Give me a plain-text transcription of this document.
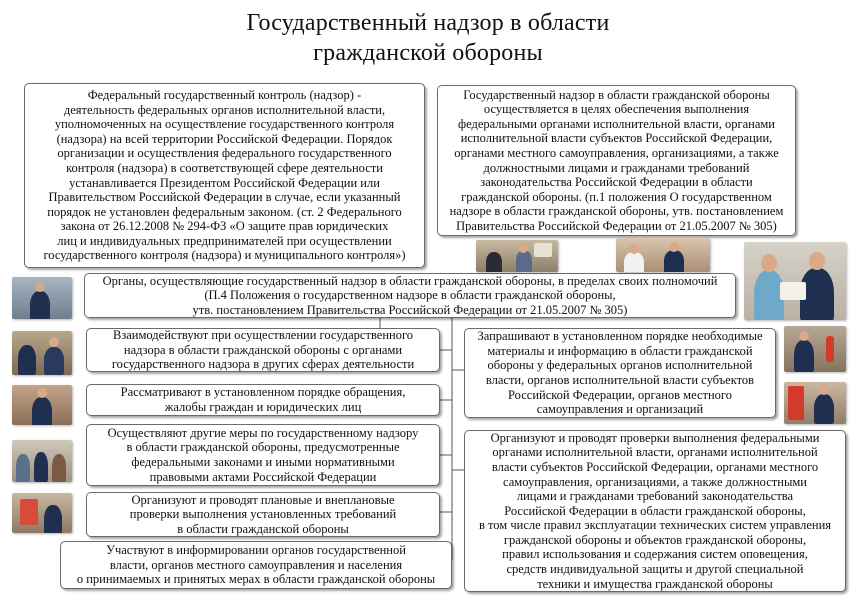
Государственный надзор в области
гражданской обороны
Федеральный государственный контроль (надзор) -
деятельность федеральных органов исполнительной власти,
уполномоченных на осуществление государственного контроля
(надзора) на всей территории Российской Федерации. Порядок
организации и осуществления федерального государственного
контроля (надзора) в соответствующей сфере деятельности
устанавливается Президентом Российской Федерации или
Правительством Российской Федерации в случае, если указанный
порядок не установлен федеральным законом. (ст. 2 Федерального
закона от 26.12.2008 № 294-ФЗ «О защите прав юридических
лиц и индивидуальных предпринимателей при осуществлении
государственного контроля (надзора) и муниципального контроля»)
Государственный надзор в области гражданской обороны
осуществляется в целях обеспечения выполнения
федеральными органами исполнительной власти, органами
исполнительной власти субъектов Российской Федерации,
органами местного самоуправления, организациями, а также
должностными лицами и гражданами требований
законодательства Российской Федерации в области
гражданской обороны. (п.1 положения О государственном
надзоре в области гражданской обороны, утв. постановлением
Правительства Российской Федерации от 21.05.2007 № 305)
Органы, осуществляющие государственный надзор в области гражданской обороны, в пределах своих полномочий
(П.4 Положения о государственном надзоре в области гражданской обороны,
утв. постановлением Правительства Российской Федерации от 21.05.2007 № 305)
Взаимодействуют при осуществлении государственного
надзора в области гражданской обороны с органами
государственного надзора в других сферах деятельности
Рассматривают в установленном порядке обращения,
жалобы граждан и юридических лиц
Осуществляют другие меры по государственному надзору
в области гражданской обороны, предусмотренные
федеральными законами и иными нормативными
правовыми актами Российской Федерации
Организуют и проводят плановые и внеплановые
проверки выполнения установленных требований
в области гражданской обороны
Участвуют в информировании органов государственной
власти, органов местного самоуправления и населения
о принимаемых и принятых мерах в области гражданской обороны
Запрашивают в установленном порядке необходимые
материалы и информацию в области гражданской
обороны у федеральных органов исполнительной
власти, органов исполнительной власти субъектов
Российской Федерации, органов местного
самоуправления и организаций
Организуют и проводят проверки выполнения федеральными
органами исполнительной власти, органами исполнительной
власти субъектов Российской Федерации, органами местного
самоуправления, организациями, а также должностными
лицами и гражданами требований законодательства
Российской Федерации в области гражданской обороны,
в том числе правил эксплуатации технических систем управления
гражданской обороны и объектов гражданской обороны,
правил использования и содержания систем оповещения,
средств индивидуальной защиты и другой специальной
техники и имущества гражданской обороны
